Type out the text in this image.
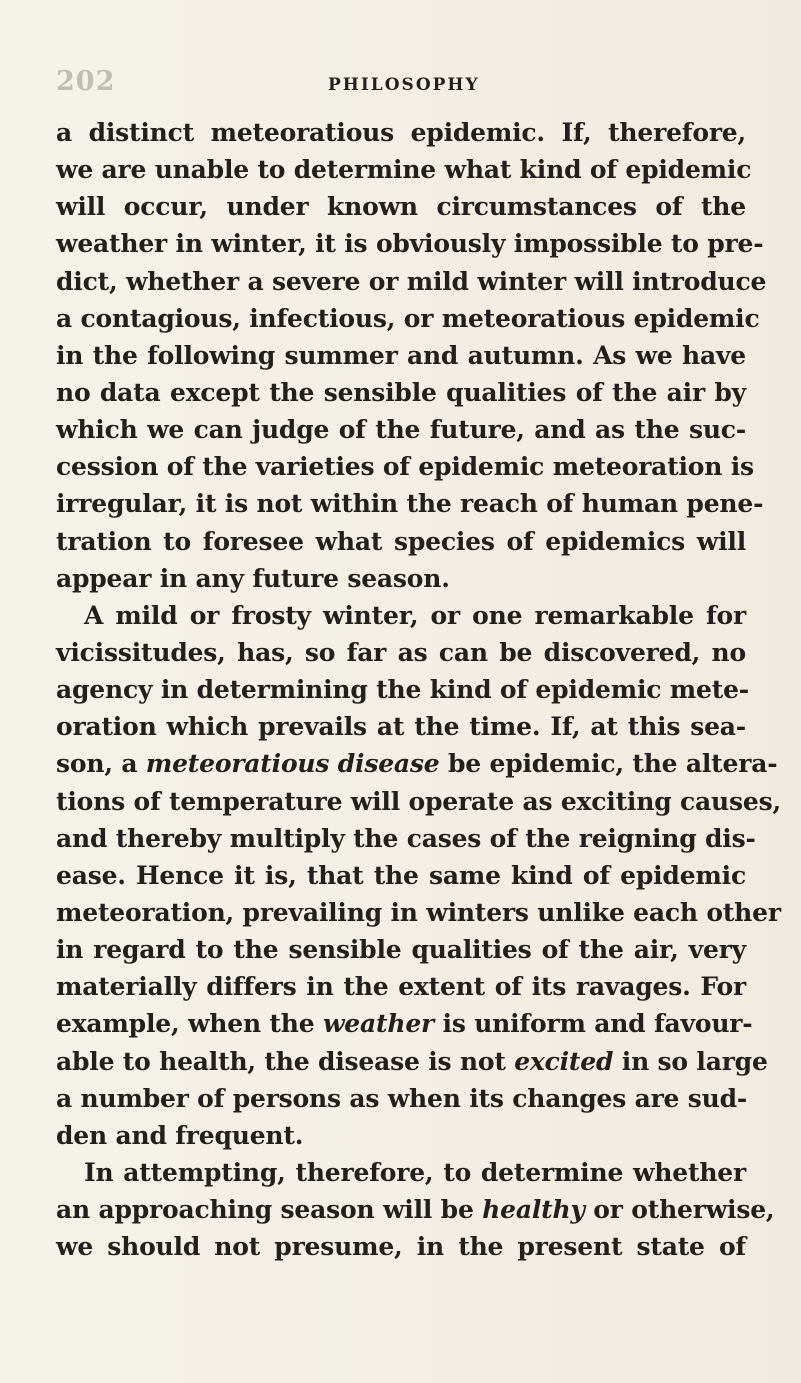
202	PHILOSOPHY
a distinct meteoratious epidemic. If, therefore,
we are unable to determine what kind of epidemic
will occur, under known circumstances of the
weather in winter, it is obviously impossible to pre-
dict, whether a severe or mild winter will introduce
a contagious, infectious, or meteoratious epidemic
in the following summer and autumn. As we have
no data except the sensible qualities of the air by
which we can judge of the future, and as the suc-
cession of the varieties of epidemic meteoration is
irregular, it is not within the reach of human pene-
tration to foresee what species of epidemics will
appear in any future season.
A mild or frosty winter, or one remarkable for
vicissitudes, has, so far as can be discovered, no
agency in determining the kind of epidemic mete-
oration which prevails at the time. If, at this sea-
son, a meteoratious disease be epidemic, the altera-
tions of temperature will operate as exciting causes,
and thereby multiply the cases of the reigning dis-
ease. Hence it is, that the same kind of epidemic
meteoration, prevailing in winters unlike each other
in regard to the sensible qualities of the air, very
materially differs in the extent of its ravages. For
example, when the weather is uniform and favour-
able to health, the disease is not excited in so large
a number of persons as when its changes are sud-
den and frequent.
In attempting, therefore, to determine whether
an approaching season will be healthy or otherwise,
we should not presume, in the present state of
